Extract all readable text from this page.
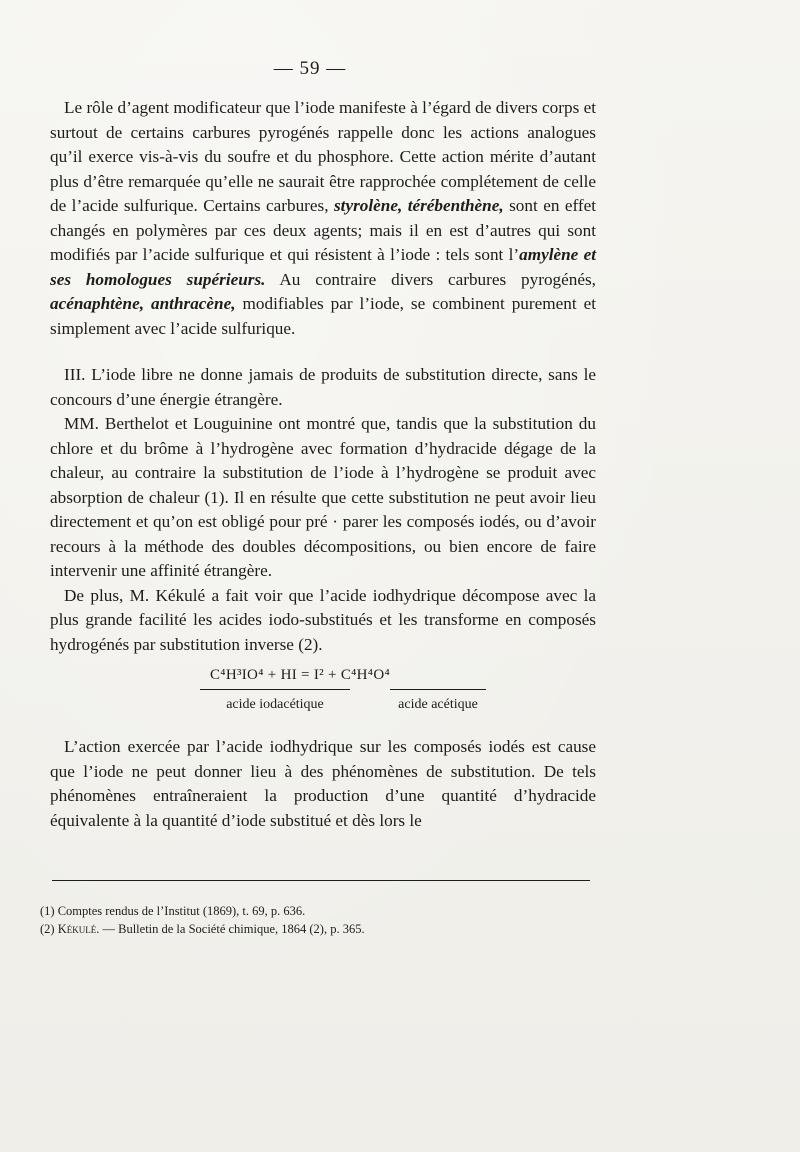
— 59 —

Le rôle d’agent modificateur que l’iode manifeste à l’égard de divers corps et surtout de certains carbures pyrogénés rappelle donc les actions analogues qu’il exerce vis-à-vis du soufre et du phosphore. Cette action mérite d’autant plus d’être remarquée qu’elle ne saurait être rapprochée complétement de celle de l’acide sulfurique. Certains carbures, styrolène, térébenthène, sont en effet changés en polymères par ces deux agents; mais il en est d’autres qui sont modifiés par l’acide sulfurique et qui résistent à l’iode : tels sont l’amylène et ses homologues supérieurs. Au contraire divers carbures pyrogénés, acénaphtène, anthracène, modifiables par l’iode, se combinent purement et simplement avec l’acide sulfurique.

III. L’iode libre ne donne jamais de produits de substitution directe, sans le concours d’une énergie étrangère.

MM. Berthelot et Louguinine ont montré que, tandis que la substitution du chlore et du brôme à l’hydrogène avec formation d’hydracide dégage de la chaleur, au contraire la substitution de l’iode à l’hydrogène se produit avec absorption de chaleur (1). Il en résulte que cette substitution ne peut avoir lieu directement et qu’on est obligé pour pré · parer les composés iodés, ou d’avoir recours à la méthode des doubles décompositions, ou bien encore de faire intervenir une affinité étrangère.

De plus, M. Kékulé a fait voir que l’acide iodhydrique décompose avec la plus grande facilité les acides iodo-substitués et les transforme en composés hydrogénés par substitution inverse (2).

C⁴H³IO⁴ + HI = I² + C⁴H⁴O⁴
acide iodacétique	acide acétique

L’action exercée par l’acide iodhydrique sur les composés iodés est cause que l’iode ne peut donner lieu à des phénomènes de substitution. De tels phénomènes entraîneraient la production d’une quantité d’hydracide équivalente à la quantité d’iode substitué et dès lors le

(1) Comptes rendus de l’Institut (1869), t. 69, p. 636.

(2) Kékulé. — Bulletin de la Société chimique, 1864 (2), p. 365.
